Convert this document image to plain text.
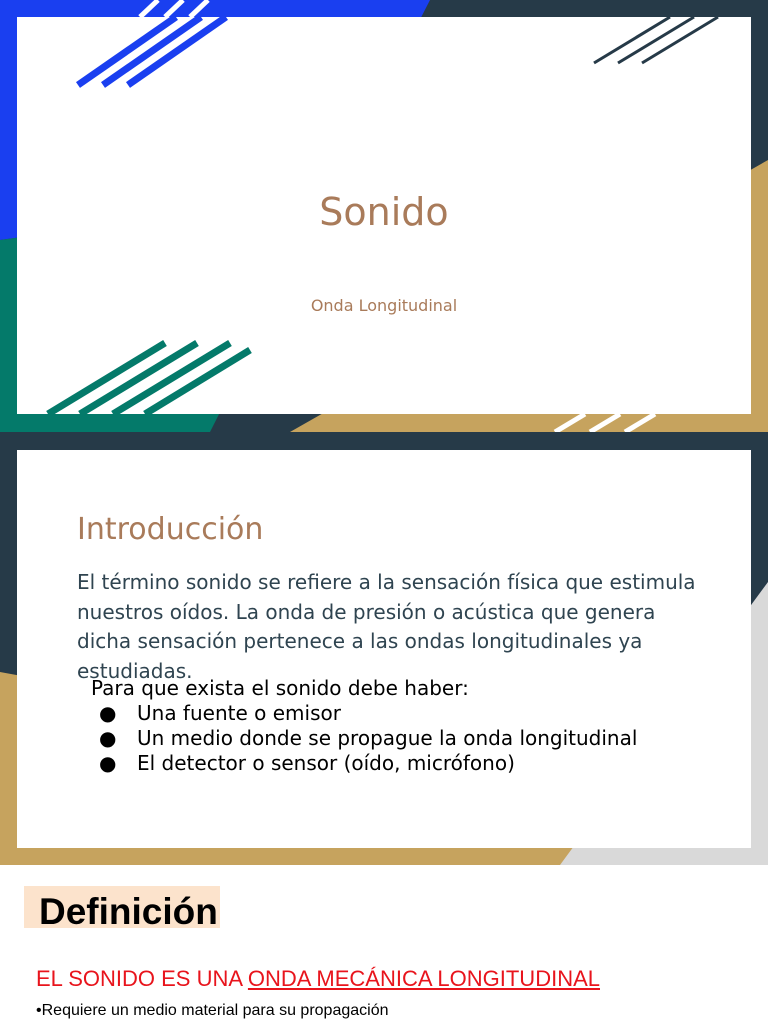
Sonido
Onda Longitudinal
Introducción
El término sonido se refiere a la sensación física que estimula nuestros oídos. La onda de presión o acústica que genera dicha sensación pertenece a las ondas longitudinales ya estudiadas.
Para que exista el sonido debe haber:
● Una fuente o emisor
● Un medio donde se propague la onda longitudinal
● El detector o sensor (oído, micrófono)
Definición
EL SONIDO ES UNA ONDA MECÁNICA LONGITUDINAL
•Requiere un medio material para su propagación
